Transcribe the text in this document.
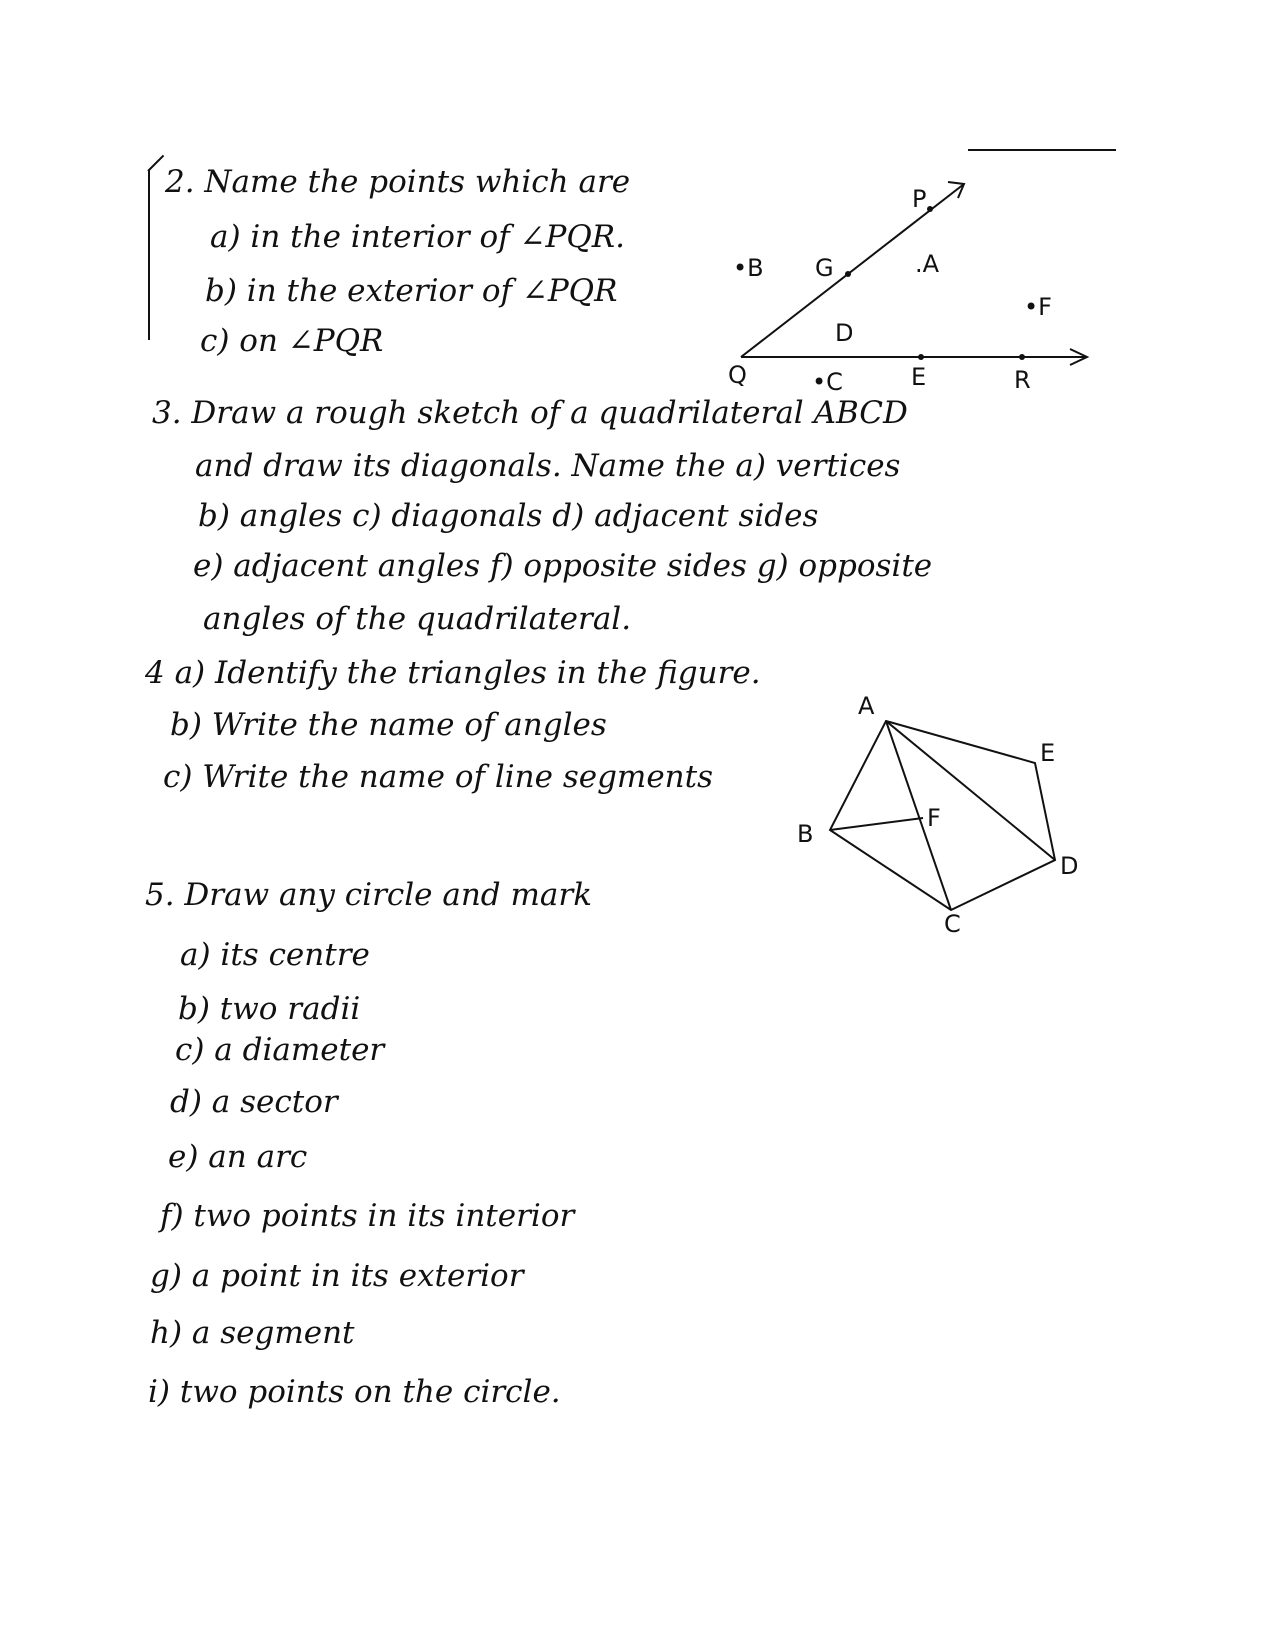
2. Name the points which are
a) in the interior of ∠PQR.
b) in the exterior of ∠PQR
c) on ∠PQR
3. Draw a rough sketch of a quadrilateral ABCD
and draw its diagonals. Name the a) vertices
b) angles c) diagonals d) adjacent sides
e) adjacent angles f) opposite sides g) opposite
angles of the quadrilateral.
4 a) Identify the triangles in the figure.
b) Write the name of angles
c) Write the name of line segments
5. Draw any circle and mark
a) its centre
b) two radii
c) a diameter
d) a sector
e) an arc
f) two points in its interior
g) a point in its exterior
h) a segment
i) two points on the circle.
P
•B G	.A
•F
D
Q	•C	E	R
A
E
B
F
D
C
